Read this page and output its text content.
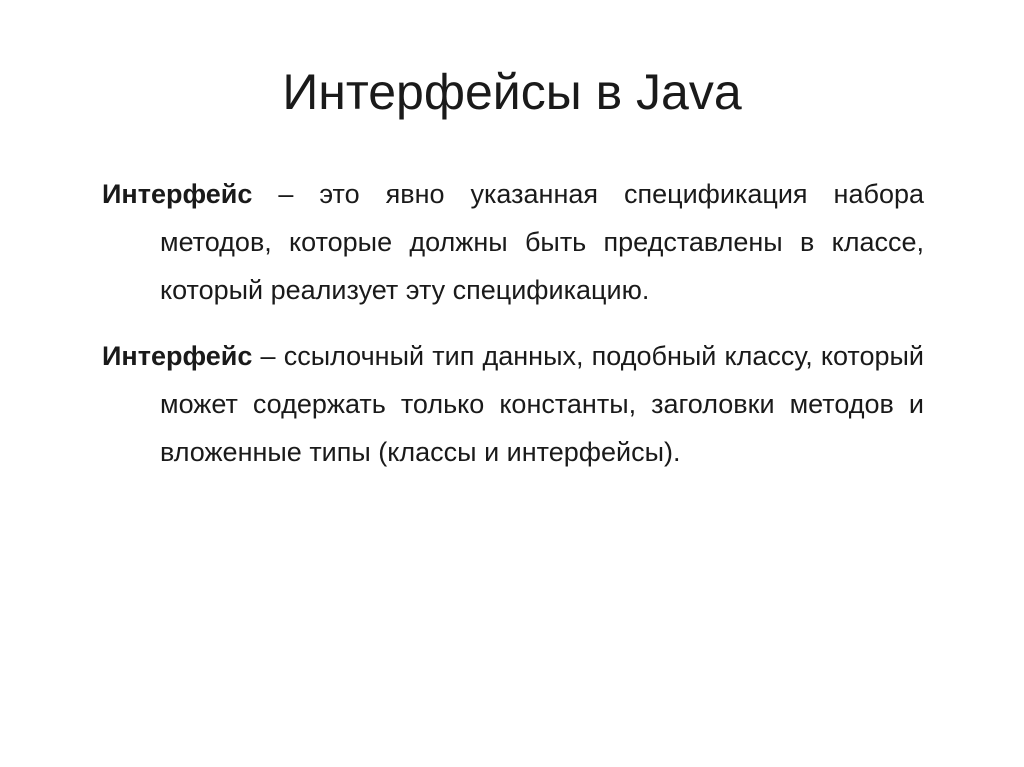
Интерфейсы в Java

Интерфейс – это явно указанная спецификация набора методов, которые должны быть представлены в классе, который реализует эту спецификацию.

Интерфейс – ссылочный тип данных, подобный классу, который может содержать только константы, заголовки методов и вложенные типы (классы и интерфейсы).
